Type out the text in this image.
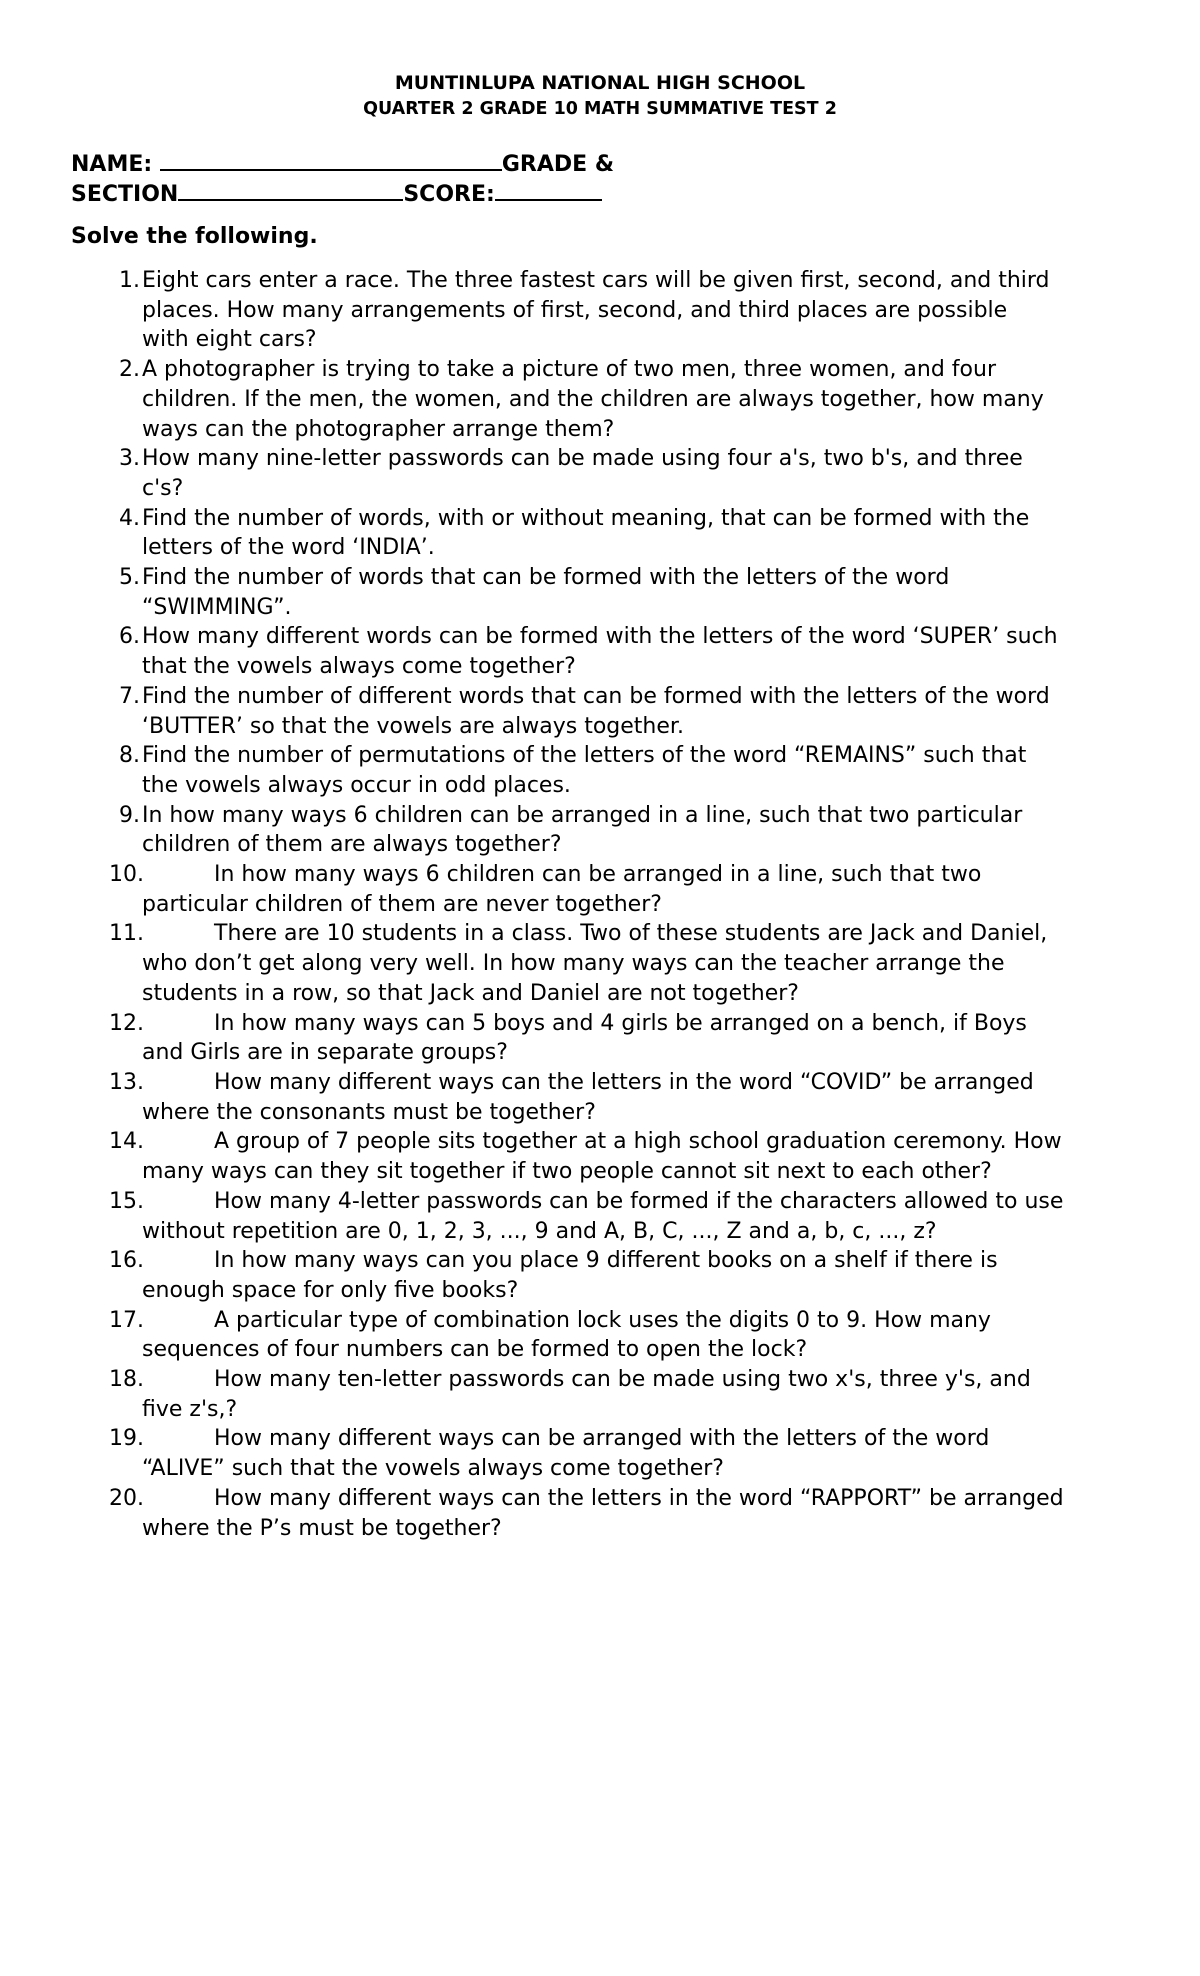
MUNTINLUPA NATIONAL HIGH SCHOOL
QUARTER 2 GRADE 10 MATH SUMMATIVE TEST 2
NAME:	GRADE &
SECTION	SCORE:
Solve the following.
1. Eight cars enter a race. The three fastest cars will be given first, second, and third
places. How many arrangements of first, second, and third places are possible
with eight cars?
2. A photographer is trying to take a picture of two men, three women, and four
children. If the men, the women, and the children are always together, how many
ways can the photographer arrange them?
3. How many nine-letter passwords can be made using four a's, two b's, and three
c's?
4. Find the number of words, with or without meaning, that can be formed with the
letters of the word ‘INDIA’.
5. Find the number of words that can be formed with the letters of the word
“SWIMMING”.
6. How many different words can be formed with the letters of the word ‘SUPER’ such
that the vowels always come together?
7. Find the number of different words that can be formed with the letters of the word
‘BUTTER’ so that the vowels are always together.
8. Find the number of permutations of the letters of the word “REMAINS” such that
the vowels always occur in odd places.
9. In how many ways 6 children can be arranged in a line, such that two particular
children of them are always together?
10.	In how many ways 6 children can be arranged in a line, such that two
particular children of them are never together?
11.	There are 10 students in a class. Two of these students are Jack and Daniel,
who don’t get along very well. In how many ways can the teacher arrange the
students in a row, so that Jack and Daniel are not together?
12.	In how many ways can 5 boys and 4 girls be arranged on a bench, if Boys
and Girls are in separate groups?
13.	How many different ways can the letters in the word “COVID” be arranged
where the consonants must be together?
14.	A group of 7 people sits together at a high school graduation ceremony. How
many ways can they sit together if two people cannot sit next to each other?
15.	How many 4-letter passwords can be formed if the characters allowed to use
without repetition are 0, 1, 2, 3, ..., 9 and A, B, C, ..., Z and a, b, c, ..., z?
16.	In how many ways can you place 9 different books on a shelf if there is
enough space for only five books?
17.	A particular type of combination lock uses the digits 0 to 9. How many
sequences of four numbers can be formed to open the lock?
18.	How many ten-letter passwords can be made using two x's, three y's, and
five z's,?
19.	How many different ways can be arranged with the letters of the word
“ALIVE” such that the vowels always come together?
20.	How many different ways can the letters in the word “RAPPORT” be arranged
where the P’s must be together?
